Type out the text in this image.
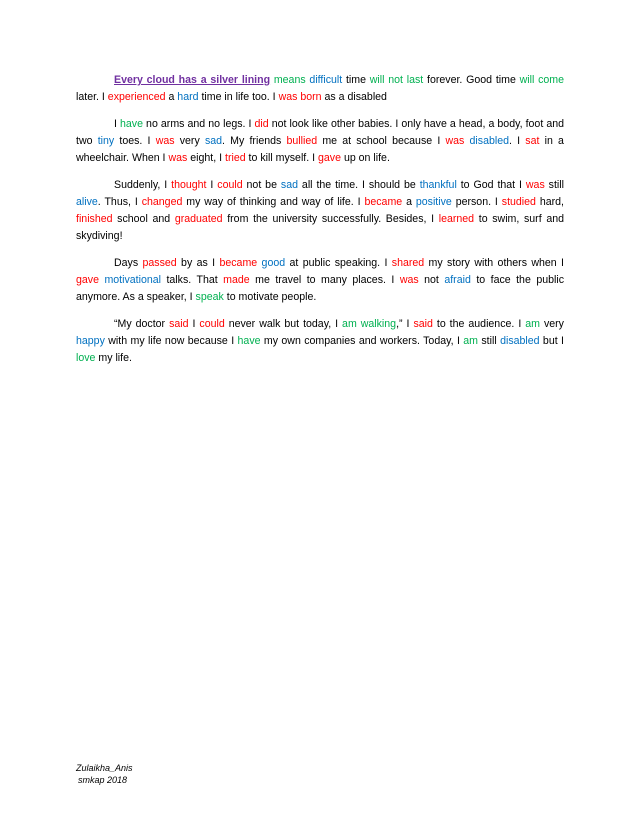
Every cloud has a silver lining means difficult time will not last forever. Good time will come later. I experienced a hard time in life too. I was born as a disabled

I have no arms and no legs. I did not look like other babies. I only have a head, a body, foot and two tiny toes. I was very sad. My friends bullied me at school because I was disabled. I sat in a wheelchair. When I was eight, I tried to kill myself. I gave up on life.

Suddenly, I thought I could not be sad all the time. I should be thankful to God that I was still alive. Thus, I changed my way of thinking and way of life. I became a positive person. I studied hard, finished school and graduated from the university successfully. Besides, I learned to swim, surf and skydiving!

Days passed by as I became good at public speaking. I shared my story with others when I gave motivational talks. That made me travel to many places. I was not afraid to face the public anymore. As a speaker, I speak to motivate people.

“My doctor said I could never walk but today, I am walking,” I said to the audience. I am very happy with my life now because I have my own companies and workers. Today, I am still disabled but I love my life.

Zulaikha_Anis
smkap 2018
